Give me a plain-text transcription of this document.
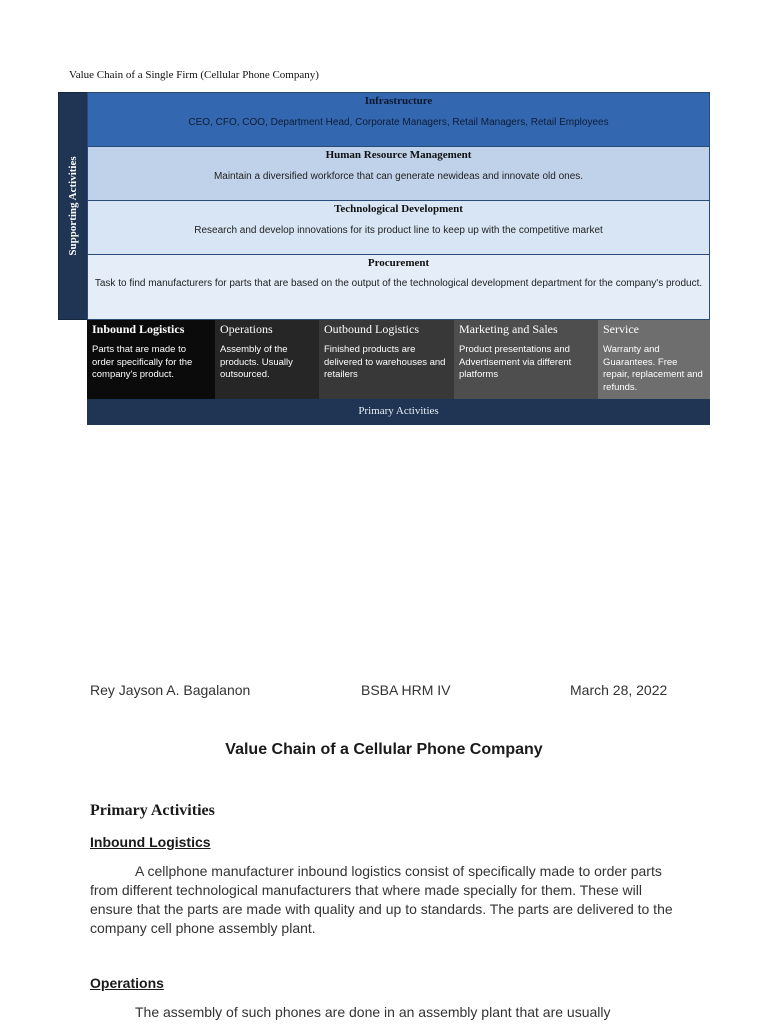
Value Chain of a Single Firm (Cellular Phone Company)
Supporting Activities
Infrastructure
CEO, CFO, COO, Department Head, Corporate Managers, Retail Managers, Retail Employees
Human Resource Management
Maintain a diversified workforce that can generate newideas and innovate old ones.
Technological Development
Research and develop innovations for its product line to keep up with the competitive market
Procurement
Task to find manufacturers for parts that are based on the output of the technological development department for the company's product.
Inbound Logistics
Parts that are made to order specifically for the company's product.
Operations
Assembly of the products. Usually outsourced.
Outbound Logistics
Finished products are delivered to warehouses and retailers
Marketing and Sales
Product presentations and Advertisement via different platforms
Service
Warranty and Guarantees. Free repair, replacement and refunds.
Primary Activities
Rey Jayson A. Bagalanon	BSBA HRM IV	March 28, 2022
Value Chain of a Cellular Phone Company
Primary Activities
Inbound Logistics

A cellphone manufacturer inbound logistics consist of specifically made to order parts from different technological manufacturers that where made specially for them. These will ensure that the parts are made with quality and up to standards. The parts are delivered to the company cell phone assembly plant.

Operations

The assembly of such phones are done in an assembly plant that are usually
